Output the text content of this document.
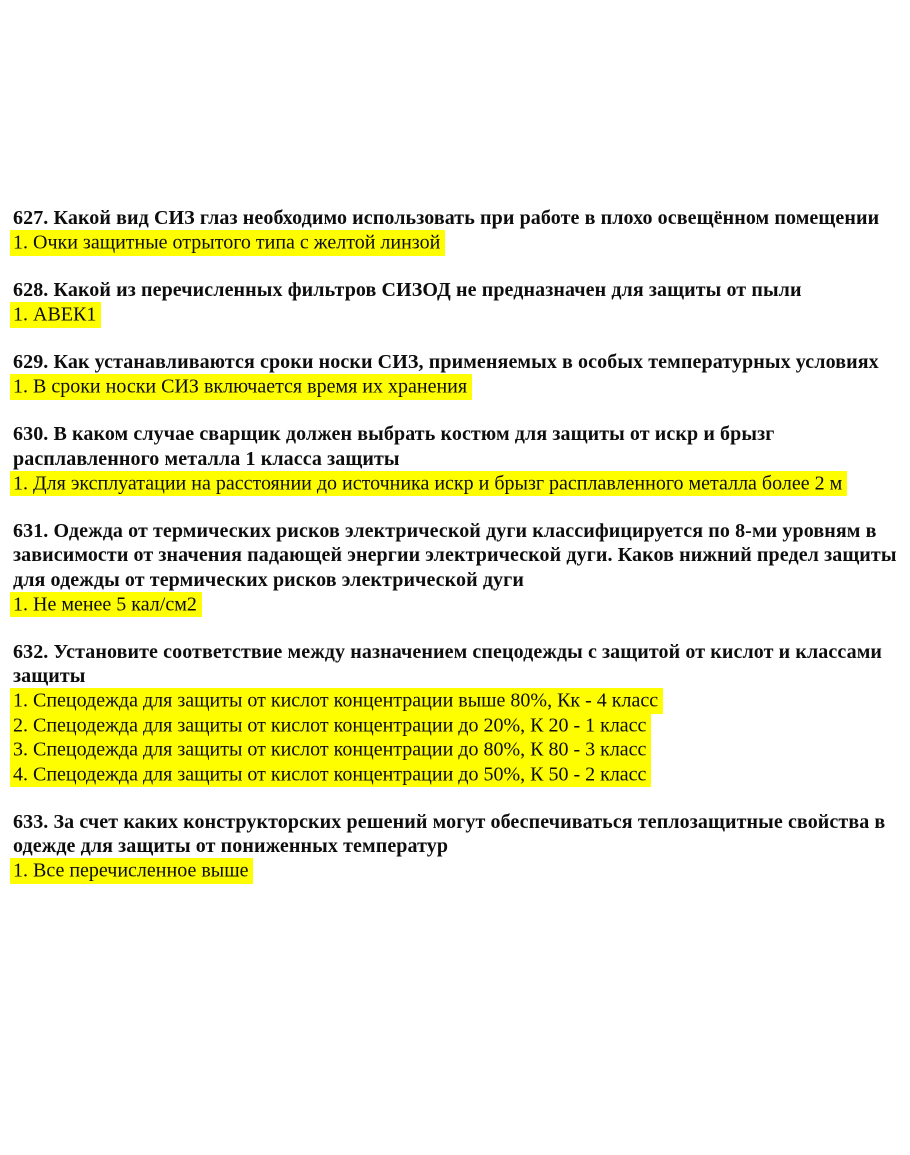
627. Какой вид СИЗ глаз необходимо использовать при работе в плохо освещённом помещении

1. Очки защитные отрытого типа с желтой линзой

628. Какой из перечисленных фильтров СИЗОД не предназначен для защиты от пыли

1. АВЕК1

629. Как устанавливаются сроки носки СИЗ, применяемых в особых температурных условиях

1. В сроки носки СИЗ включается время их хранения

630. В каком случае сварщик должен выбрать костюм для защиты от искр и брызг расплавленного металла 1 класса защиты

1. Для эксплуатации на расстоянии до источника искр и брызг расплавленного металла более 2 м

631. Одежда от термических рисков электрической дуги классифицируется по 8-ми уровням в зависимости от значения падающей энергии электрической дуги. Каков нижний предел защиты для одежды от термических рисков электрической дуги

1. Не менее 5 кал/см2

632. Установите соответствие между назначением спецодежды с защитой от кислот и классами защиты

1. Спецодежда для защиты от кислот концентрации выше 80%, Кк - 4 класс

2. Спецодежда для защиты от кислот концентрации до 20%, К 20 - 1 класс

3. Спецодежда для защиты от кислот концентрации до 80%, К 80 - 3 класс

4. Спецодежда для защиты от кислот концентрации до 50%, К 50 - 2 класс

633. За счет каких конструкторских решений могут обеспечиваться теплозащитные свойства в одежде для защиты от пониженных температур

1. Все перечисленное выше
